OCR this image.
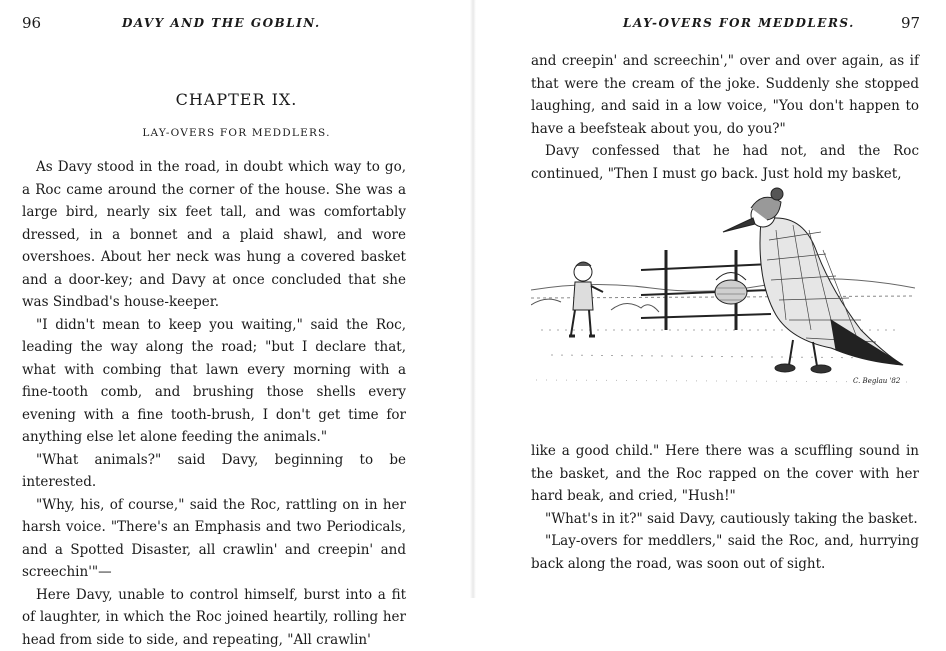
96	DAVY AND THE GOBLIN.
CHAPTER IX.
LAY-OVERS FOR MEDDLERS.

As Davy stood in the road, in doubt which way to go, a Roc came around the corner of the house. She was a large bird, nearly six feet tall, and was comfortably dressed, in a bonnet and a plaid shawl, and wore overshoes. About her neck was hung a covered basket and a door-key; and Davy at once concluded that she was Sindbad's house-keeper.

"I didn't mean to keep you waiting," said the Roc, leading the way along the road; "but I declare that, what with combing that lawn every morning with a fine-tooth comb, and brushing those shells every evening with a fine tooth-brush, I don't get time for anything else let alone feeding the animals."

"What animals?" said Davy, beginning to be interested.

"Why, his, of course," said the Roc, rattling on in her harsh voice. "There's an Emphasis and two Periodicals, and a Spotted Disaster, all crawlin' and creepin' and screechin'"—

Here Davy, unable to control himself, burst into a fit of laughter, in which the Roc joined heartily, rolling her head from side to side, and repeating, "All crawlin'

LAY-OVERS FOR MEDDLERS.	97

and creepin' and screechin'," over and over again, as if that were the cream of the joke. Suddenly she stopped laughing, and said in a low voice, "You don't happen to have a beefsteak about you, do you?"

Davy confessed that he had not, and the Roc continued, "Then I must go back. Just hold my basket,

C. Beglau '82

like a good child." Here there was a scuffling sound in the basket, and the Roc rapped on the cover with her hard beak, and cried, "Hush!"

"What's in it?" said Davy, cautiously taking the basket.

"Lay-overs for meddlers," said the Roc, and, hurrying back along the road, was soon out of sight.
